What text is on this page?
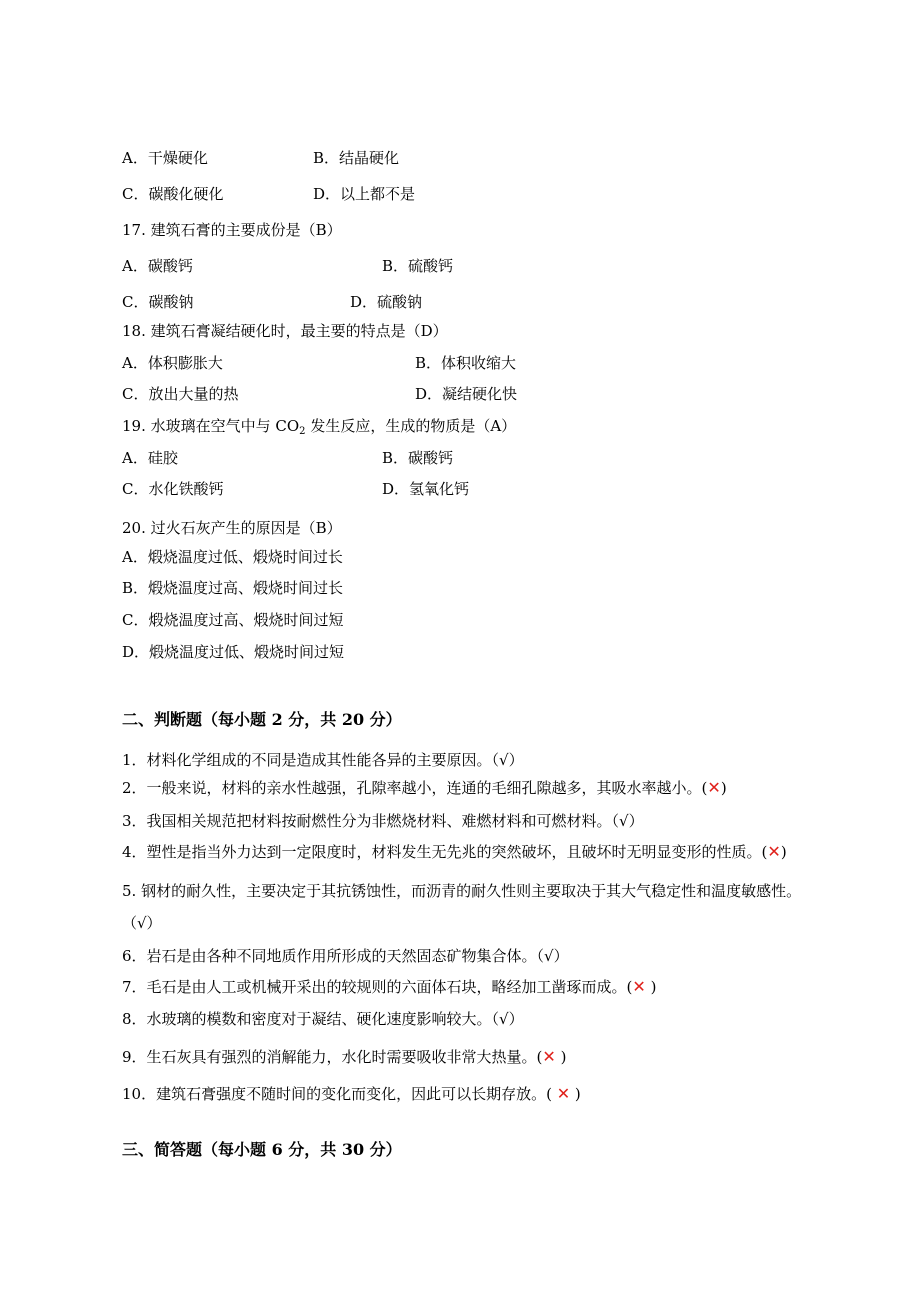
A．干燥硬化	B．结晶硬化
C．碳酸化硬化	D．以上都不是
17. 建筑石膏的主要成份是（B）
A．碳酸钙	B．硫酸钙
C．碳酸钠	D．硫酸钠
18. 建筑石膏凝结硬化时，最主要的特点是（D）
A．体积膨胀大	B．体积收缩大
C．放出大量的热	D．凝结硬化快
19. 水玻璃在空气中与 $CO_2$ 发生反应，生成的物质是（A）
A．硅胶	B．碳酸钙
C．水化铁酸钙	D．氢氧化钙
20. 过火石灰产生的原因是（B）
A．煅烧温度过低、煅烧时间过长
B．煅烧温度过高、煅烧时间过长
C．煅烧温度过高、煅烧时间过短
D．煅烧温度过低、煅烧时间过短
二、判断题（每小题 2 分，共 20 分）
1．材料化学组成的不同是造成其性能各异的主要原因。（√）
2．一般来说，材料的亲水性越强，孔隙率越小，连通的毛细孔隙越多，其吸水率越小。(✕)
3．我国相关规范把材料按耐燃性分为非燃烧材料、难燃材料和可燃材料。（√）
4．塑性是指当外力达到一定限度时，材料发生无先兆的突然破坏，且破坏时无明显变形的性质。(✕)
5. 钢材的耐久性，主要决定于其抗锈蚀性，而沥青的耐久性则主要取决于其大气稳定性和温度敏感性。
（√）
6．岩石是由各种不同地质作用所形成的天然固态矿物集合体。（√）
7．毛石是由人工或机械开采出的较规则的六面体石块，略经加工凿琢而成。(✕ )
8．水玻璃的模数和密度对于凝结、硬化速度影响较大。（√）
9．生石灰具有强烈的消解能力，水化时需要吸收非常大热量。(✕ )
10．建筑石膏强度不随时间的变化而变化，因此可以长期存放。( ✕ )
三、简答题（每小题 6 分，共 30 分）
